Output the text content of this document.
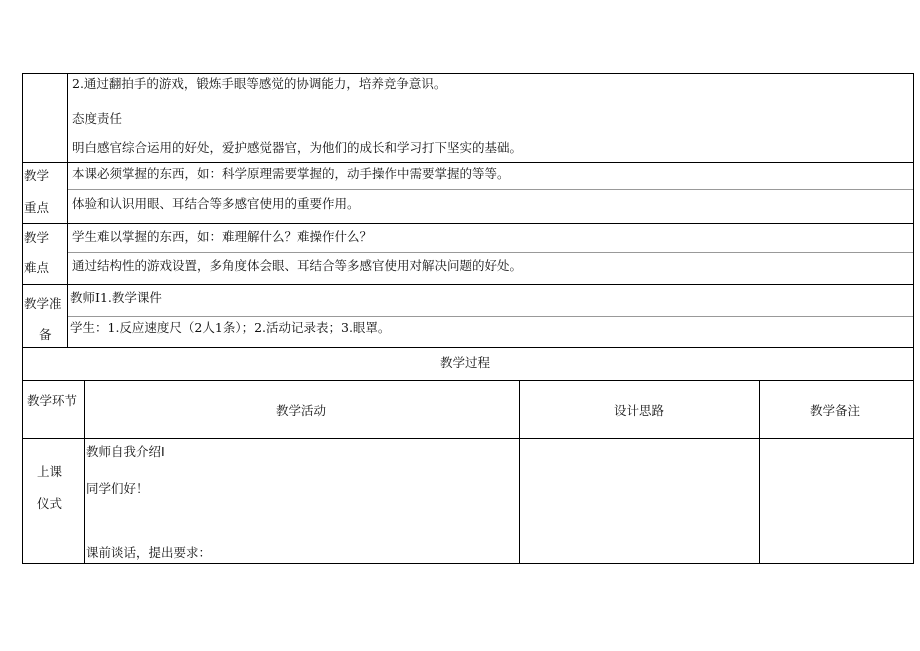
2.通过翻拍手的游戏，锻炼手眼等感觉的协调能力，培养竞争意识。
态度责任
明白感官综合运用的好处，爱护感觉器官，为他们的成长和学习打下坚实的基础。
教学
重点
本课必须掌握的东西，如：科学原理需要掌握的，动手操作中需要掌握的等等。
体验和认识用眼、耳结合等多感官使用的重要作用。
教学
难点
学生难以掌握的东西，如：难理解什么？难操作什么？
通过结构性的游戏设置，多角度体会眼、耳结合等多感官使用对解决问题的好处。
教学准
备
教师I1.教学课件
学生：1.反应速度尺（2人1条）；2.活动记录表；3.眼罩。
教学过程
教学环节
教学活动	设计思路	教学备注
上课
仪式
教师自我介绍I
同学们好！
课前谈话，提出要求：
